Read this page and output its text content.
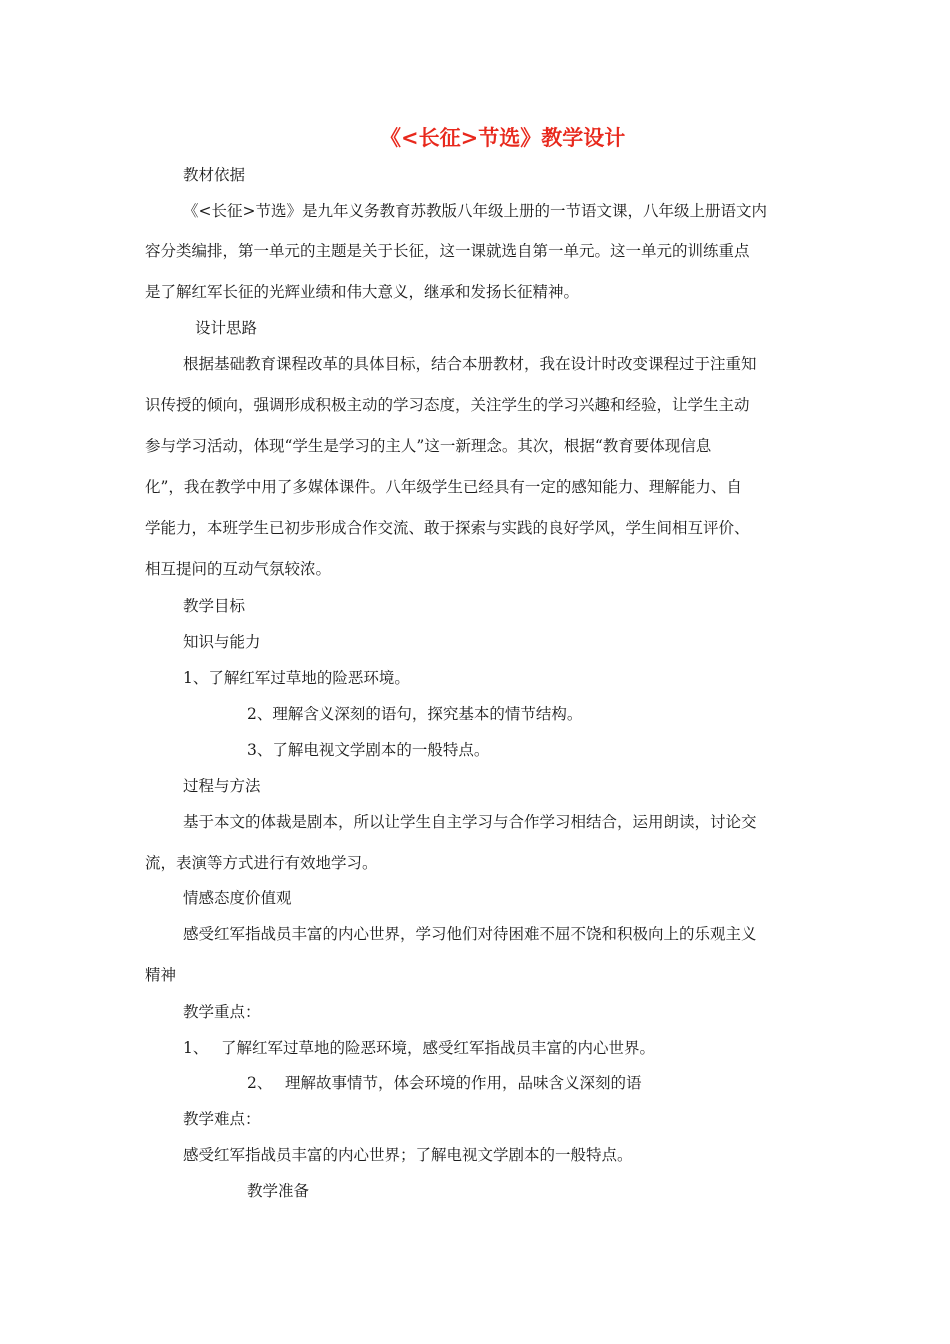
《<长征>节选》教学设计
教材依据
《<长征>节选》是九年义务教育苏教版八年级上册的一节语文课，八年级上册语文内
容分类编排，第一单元的主题是关于长征，这一课就选自第一单元。这一单元的训练重点
是了解红军长征的光辉业绩和伟大意义，继承和发扬长征精神。
设计思路
根据基础教育课程改革的具体目标，结合本册教材，我在设计时改变课程过于注重知
识传授的倾向，强调形成积极主动的学习态度，关注学生的学习兴趣和经验，让学生主动
参与学习活动，体现“学生是学习的主人”这一新理念。其次，根据“教育要体现信息
化”，我在教学中用了多媒体课件。八年级学生已经具有一定的感知能力、理解能力、自
学能力，本班学生已初步形成合作交流、敢于探索与实践的良好学风，学生间相互评价、
相互提问的互动气氛较浓。
教学目标
知识与能力
1、了解红军过草地的险恶环境。
2、理解含义深刻的语句，探究基本的情节结构。
3、了解电视文学剧本的一般特点。
过程与方法
基于本文的体裁是剧本，所以让学生自主学习与合作学习相结合，运用朗读，讨论交
流，表演等方式进行有效地学习。
情感态度价值观
感受红军指战员丰富的内心世界，学习他们对待困难不屈不饶和积极向上的乐观主义
精神
教学重点：
1、　 了解红军过草地的险恶环境，感受红军指战员丰富的内心世界。
2、　 理解故事情节，体会环境的作用，品味含义深刻的语
教学难点：
感受红军指战员丰富的内心世界；了解电视文学剧本的一般特点。
教学准备
